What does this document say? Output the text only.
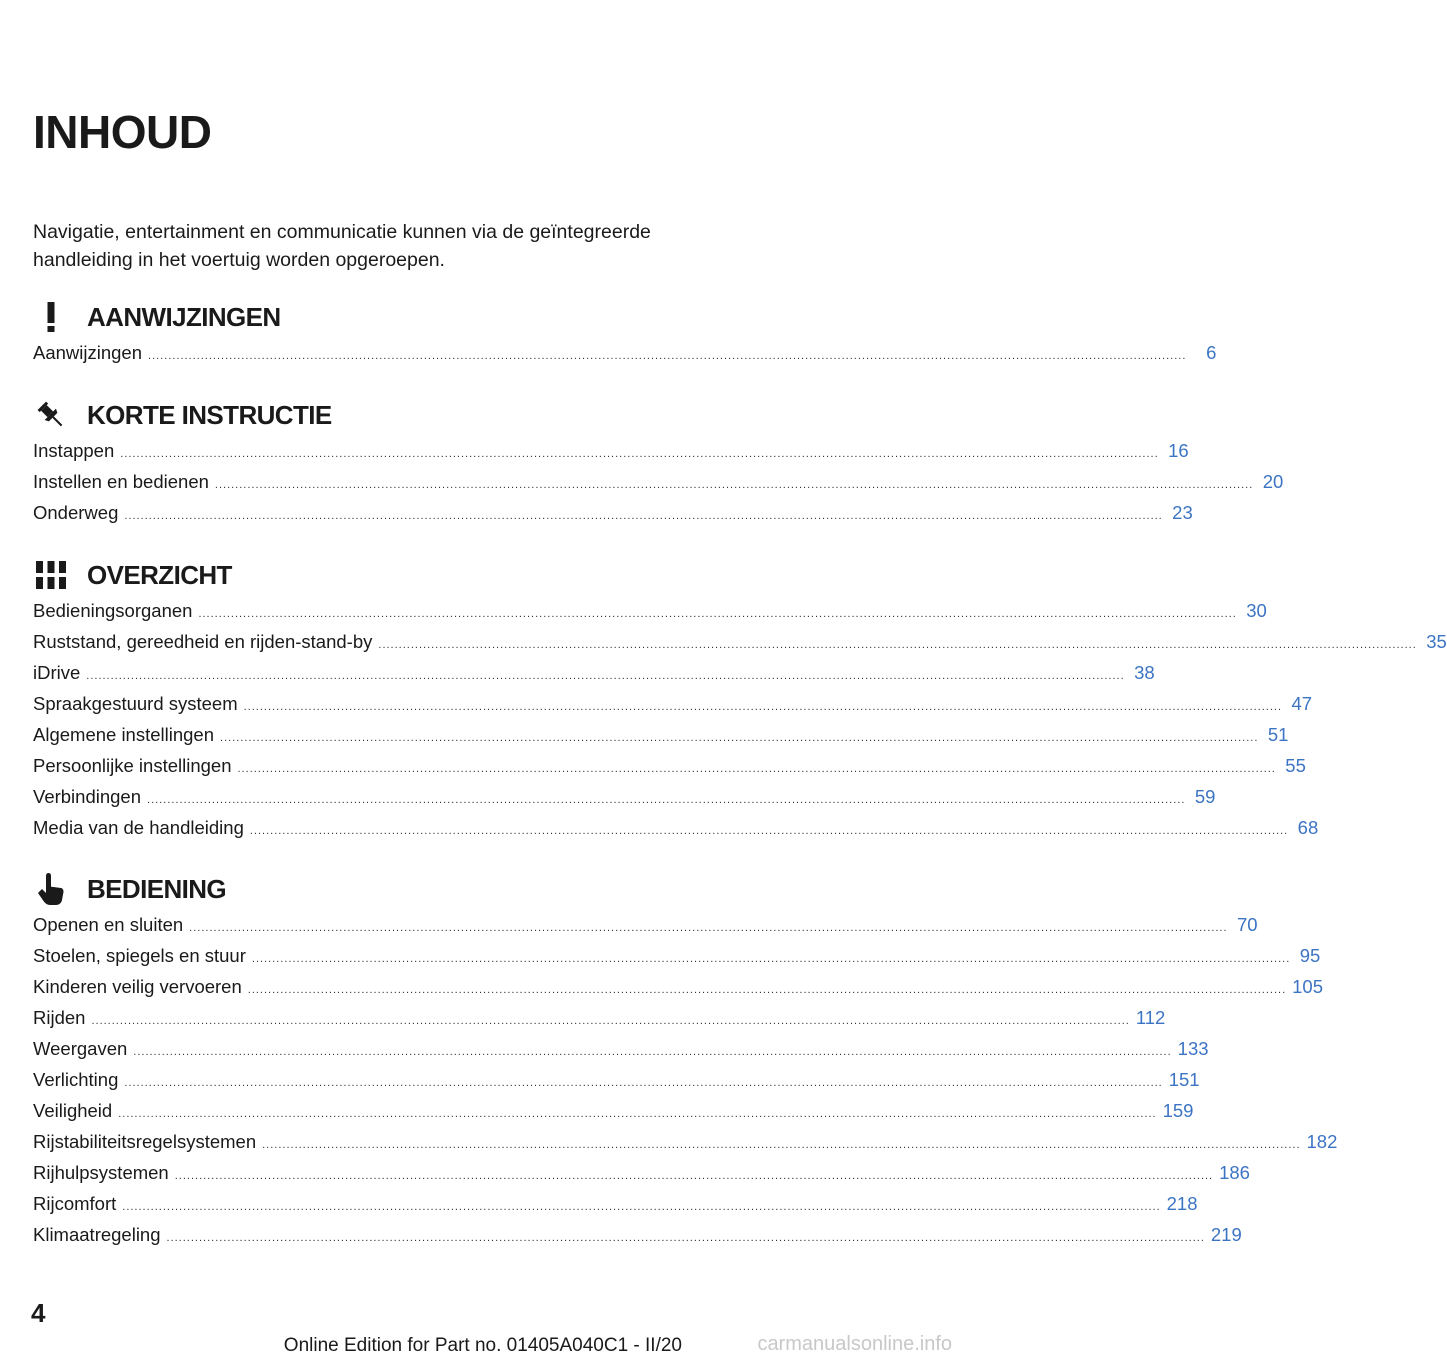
INHOUD

Navigatie, entertainment en communicatie kunnen via de geïntegreerde handleiding in het voertuig worden opgeroepen.

AANWIJZINGEN
Aanwijzingen ................................................................................................................................................................................................................................................................	6
KORTE INSTRUCTIE
Instappen ................................................................................................................................................................................................................................................................ 16
Instellen en bedienen ................................................................................................................................................................................................................................................................ 20
Onderweg ................................................................................................................................................................................................................................................................ 23
OVERZICHT
Bedieningsorganen ................................................................................................................................................................................................................................................................ 30
Ruststand, gereedheid en rijden-stand-by ................................................................................................................................................................................................................................................................ 35
iDrive ................................................................................................................................................................................................................................................................ 38
Spraakgestuurd systeem ................................................................................................................................................................................................................................................................ 47
Algemene instellingen ................................................................................................................................................................................................................................................................ 51
Persoonlijke instellingen ................................................................................................................................................................................................................................................................ 55
Verbindingen ................................................................................................................................................................................................................................................................ 59
Media van de handleiding ................................................................................................................................................................................................................................................................ 68
BEDIENING
Openen en sluiten ................................................................................................................................................................................................................................................................ 70
Stoelen, spiegels en stuur ................................................................................................................................................................................................................................................................ 95
Kinderen veilig vervoeren ................................................................................................................................................................................................................................................................ 105
Rijden ................................................................................................................................................................................................................................................................ 112
Weergaven ................................................................................................................................................................................................................................................................ 133
Verlichting ................................................................................................................................................................................................................................................................ 151
Veiligheid ................................................................................................................................................................................................................................................................ 159
Rijstabiliteitsregelsystemen ................................................................................................................................................................................................................................................................ 182
Rijhulpsystemen ................................................................................................................................................................................................................................................................ 186
Rijcomfort ................................................................................................................................................................................................................................................................ 218
Klimaatregeling ................................................................................................................................................................................................................................................................ 219
4
Online Edition for Part no. 01405A040C1 - II/20	carmanualsonline.info
